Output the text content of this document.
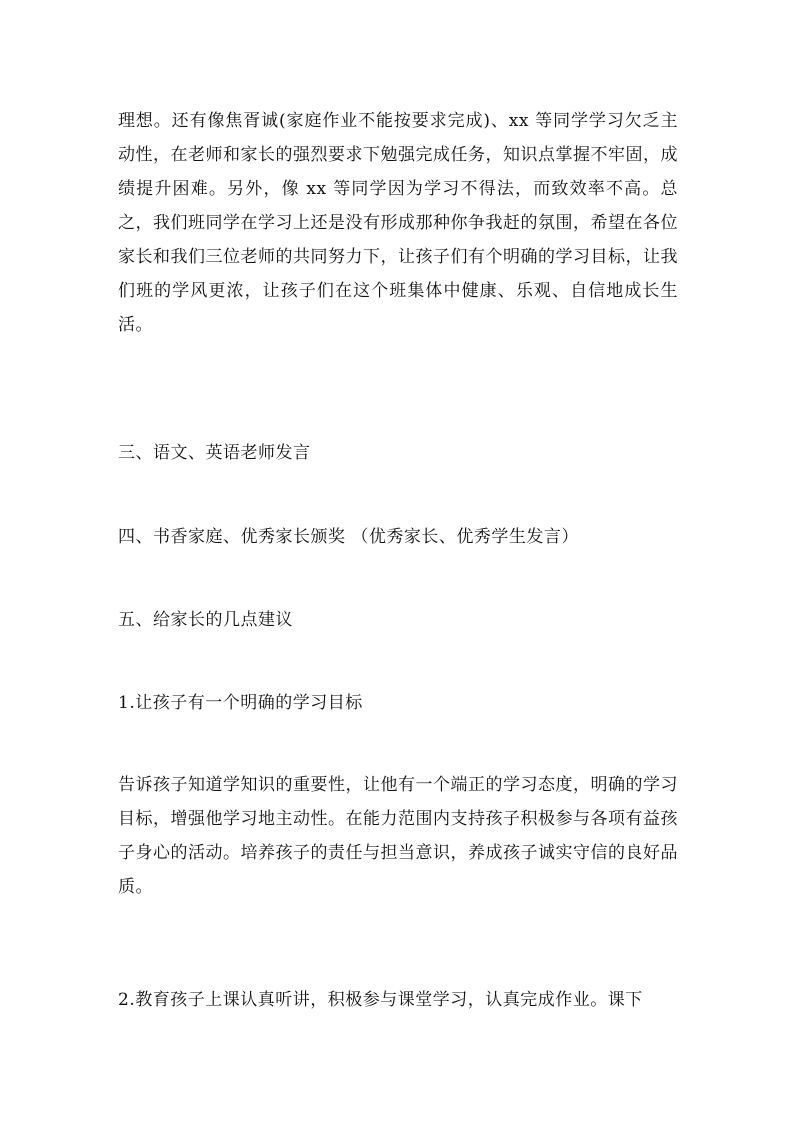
理想。还有像焦胥诚(家庭作业不能按要求完成)、xx 等同学学习欠乏主动性，在老师和家长的强烈要求下勉强完成任务，知识点掌握不牢固，成绩提升困难。另外，像 xx 等同学因为学习不得法，而致效率不高。总之，我们班同学在学习上还是没有形成那种你争我赶的氛围，希望在各位家长和我们三位老师的共同努力下，让孩子们有个明确的学习目标，让我们班的学风更浓，让孩子们在这个班集体中健康、乐观、自信地成长生活。

三、语文、英语老师发言

四、书香家庭、优秀家长颁奖 （优秀家长、优秀学生发言）

五、给家长的几点建议

1.让孩子有一个明确的学习目标

告诉孩子知道学知识的重要性，让他有一个端正的学习态度，明确的学习目标，增强他学习地主动性。在能力范围内支持孩子积极参与各项有益孩子身心的活动。培养孩子的责任与担当意识，养成孩子诚实守信的良好品质。

2.教育孩子上课认真听讲，积极参与课堂学习，认真完成作业。课下
